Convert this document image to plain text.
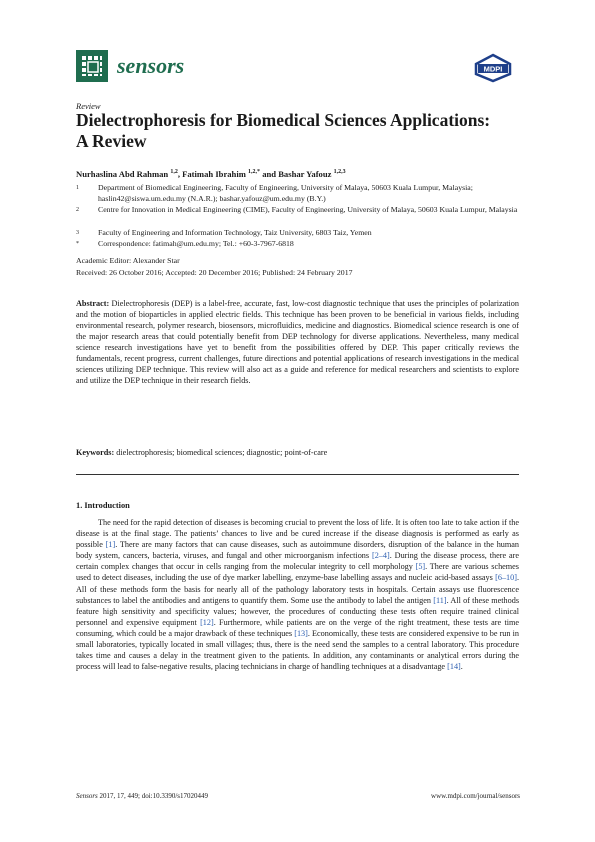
sensors	MDPI
Review
Dielectrophoresis for Biomedical Sciences Applications: A Review
Nurhaslina Abd Rahman $^{1,2}$, Fatimah Ibrahim $^{1,2,*}$ and Bashar Yafouz $^{1,2,3}$
1 Department of Biomedical Engineering, Faculty of Engineering, University of Malaya, 50603 Kuala Lumpur, Malaysia; haslin42@siswa.um.edu.my (N.A.R.); bashar.yafouz@um.edu.my (B.Y.)
2 Centre for Innovation in Medical Engineering (CIME), Faculty of Engineering, University of Malaya, 50603 Kuala Lumpur, Malaysia
3 Faculty of Engineering and Information Technology, Taiz University, 6803 Taiz, Yemen
* Correspondence: fatimah@um.edu.my; Tel.: +60-3-7967-6818
Academic Editor: Alexander Star
Received: 26 October 2016; Accepted: 20 December 2016; Published: 24 February 2017
Abstract: Dielectrophoresis (DEP) is a label-free, accurate, fast, low-cost diagnostic technique that uses the principles of polarization and the motion of bioparticles in applied electric fields. This technique has been proven to be beneficial in various fields, including environmental research, polymer research, biosensors, microfluidics, medicine and diagnostics. Biomedical science research is one of the major research areas that could potentially benefit from DEP technology for diverse applications. Nevertheless, many medical science research investigations have yet to benefit from the possibilities offered by DEP. This paper critically reviews the fundamentals, recent progress, current challenges, future directions and potential applications of research investigations in the medical sciences utilizing DEP technique. This review will also act as a guide and reference for medical researchers and scientists to explore and utilize the DEP technique in their research fields.
Keywords: dielectrophoresis; biomedical sciences; diagnostic; point-of-care
1. Introduction
The need for the rapid detection of diseases is becoming crucial to prevent the loss of life. It is often too late to take action if the disease is at the final stage. The patients’ chances to live and be cured increase if the disease diagnosis is performed as early as possible [1]. There are many factors that can cause diseases, such as autoimmune disorders, disruption of the balance in the human body system, cancers, bacteria, viruses, and fungal and other microorganism infections [2–4]. During the disease process, there are certain complex changes that occur in cells ranging from the molecular integrity to cell morphology [5]. There are various schemes used to detect diseases, including the use of dye marker labelling, enzyme-base labelling assays and nucleic acid-based assays [6–10]. All of these methods form the basis for nearly all of the pathology laboratory tests in hospitals. Certain assays use fluorescence substances to label the antibodies and antigens to quantify them. Some use the antibody to label the antigen [11]. All of these methods feature high sensitivity and specificity values; however, the procedures of conducting these tests often require trained clinical personnel and expensive equipment [12]. Furthermore, while patients are on the verge of the right treatment, these tests are time consuming, which could be a major drawback of these techniques [13]. Economically, these tests are considered expensive to be run in small laboratories, typically located in small villages; thus, there is the need send the samples to a central laboratory. This procedure takes time and causes a delay in the treatment given to the patients. In addition, any contaminants or analytical errors during the process will lead to false-negative results, placing technicians in charge of handling techniques at a disadvantage [14].
Sensors 2017, 17, 449; doi:10.3390/s17020449	www.mdpi.com/journal/sensors
